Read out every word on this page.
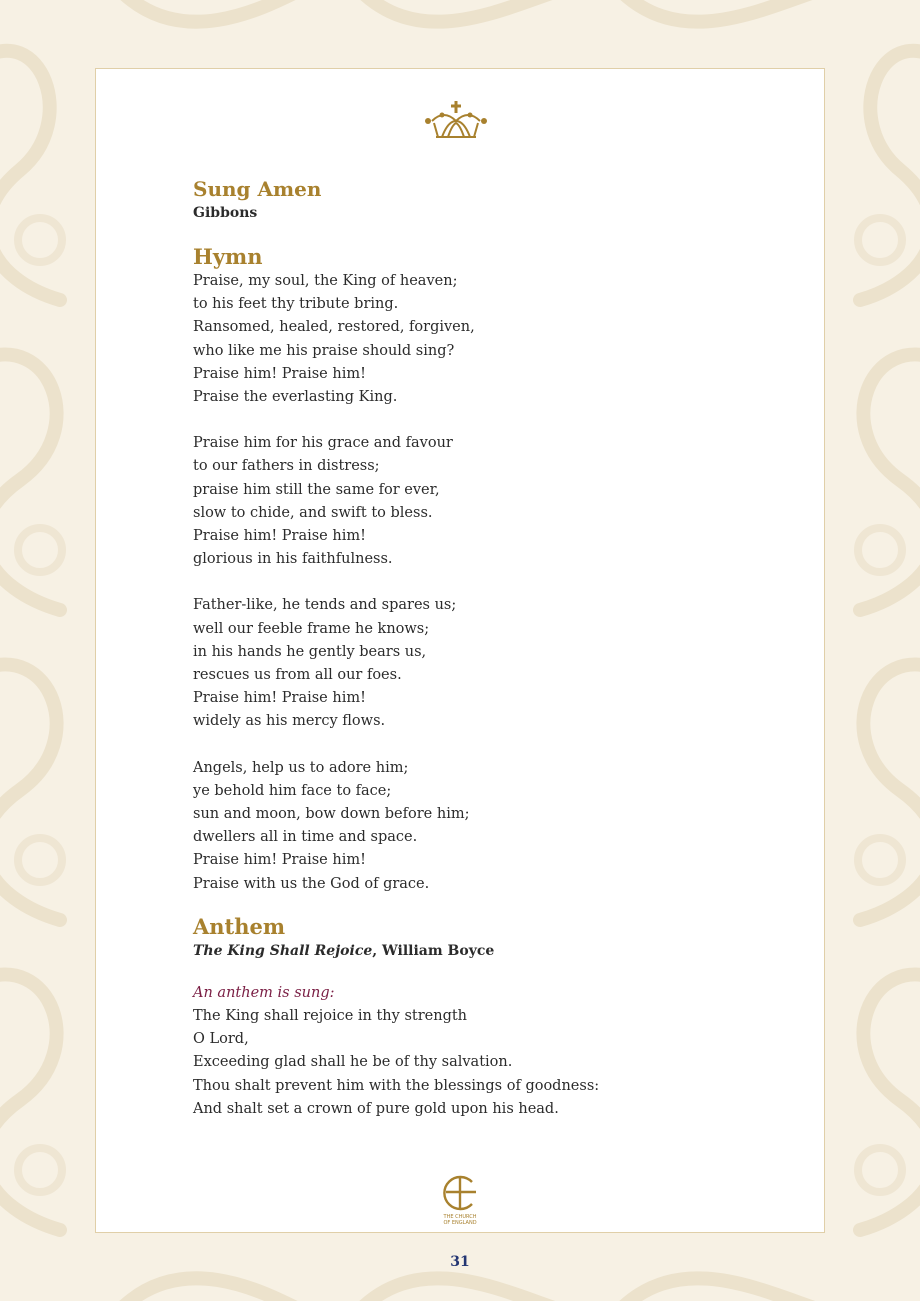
Sung Amen

Gibbons

Hymn
Praise, my soul, the King of heaven;
to his feet thy tribute bring.
Ransomed, healed, restored, forgiven,
who like me his praise should sing?
Praise him! Praise him!
Praise the everlasting King.
Praise him for his grace and favour
to our fathers in distress;
praise him still the same for ever,
slow to chide, and swift to bless.
Praise him! Praise him!
glorious in his faithfulness.
Father-like, he tends and spares us;
well our feeble frame he knows;
in his hands he gently bears us,
rescues us from all our foes.
Praise him! Praise him!
widely as his mercy flows.
Angels, help us to adore him;
ye behold him face to face;
sun and moon, bow down before him;
dwellers all in time and space.
Praise him! Praise him!
Praise with us the God of grace.
Anthem

The King Shall Rejoice, William Boyce

An anthem is sung:
The King shall rejoice in thy strength
O Lord,
Exceeding glad shall he be of thy salvation.
Thou shalt prevent him with the blessings of goodness:
And shalt set a crown of pure gold upon his head.
THE CHURCH
OF ENGLAND
31
